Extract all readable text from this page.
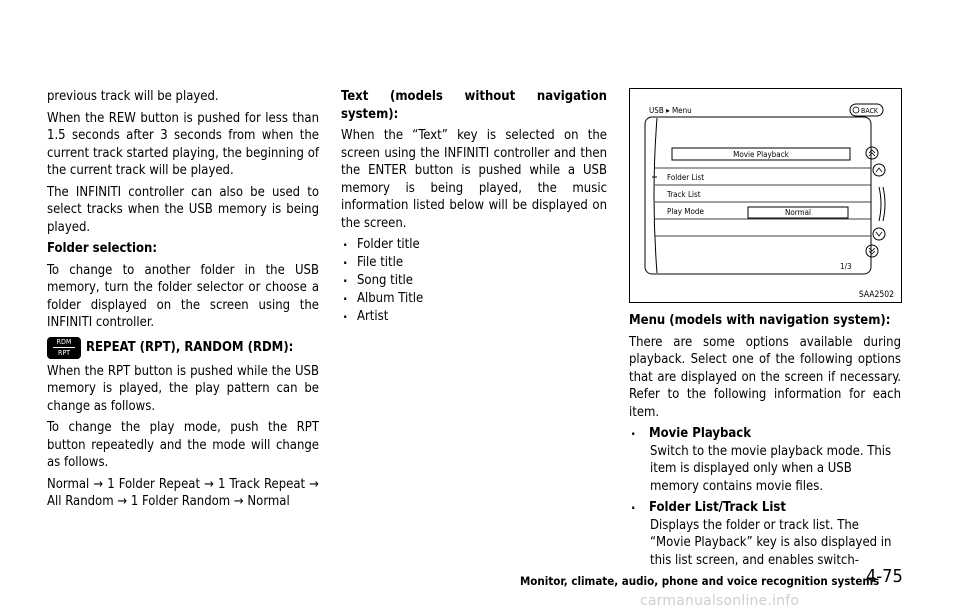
previous track will be played.

When the REW button is pushed for less than 1.5 seconds after 3 seconds from when the current track started playing, the beginning of the current track will be played.

The INFINITI controller can also be used to select tracks when the USB memory is being played.

Folder selection:

To change to another folder in the USB memory, turn the folder selector or choose a folder displayed on the screen using the INFINITI controller.

RDM
RPT	REPEAT (RPT), RANDOM (RDM):

When the RPT button is pushed while the USB memory is played, the play pattern can be change as follows.

To change the play mode, push the RPT button repeatedly and the mode will change as follows.

Normal → 1 Folder Repeat → 1 Track Repeat → All Random → 1 Folder Random → Normal

Text (models without navigation system):

When the “Text” key is selected on the screen using the INFINITI controller and then the ENTER button is pushed while a USB memory is being played, the music information listed below will be displayed on the screen.

. Folder title
. File title
. Song title
. Album Title
. Artist
USB ▸ Menu	BACK
Movie Playback
Folder List
Track List
Play Mode	Normal
1/3
SAA2502

Menu (models with navigation system):

There are some options available during playback. Select one of the following options that are displayed on the screen if necessary. Refer to the following information for each item.

. Movie Playback

Switch to the movie playback mode. This item is displayed only when a USB memory contains movie files.

. Folder List/Track List

Displays the folder or track list. The “Movie Playback” key is also displayed in this list screen, and enables switch-

Monitor, climate, audio, phone and voice recognition systems
4-75
carmanualsonline.info
